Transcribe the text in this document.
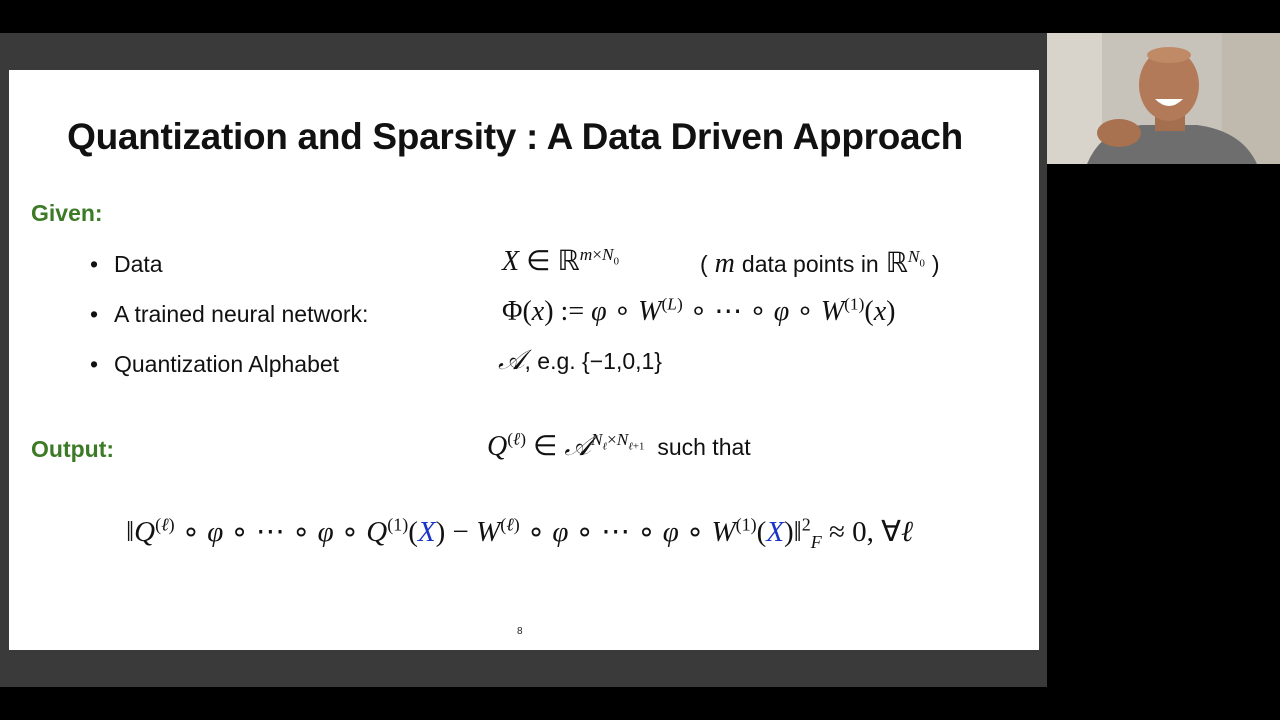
Quantization and Sparsity : A Data Driven Approach
Given:
• Data	X ∈ ℝ$^{m\times N_0}$	( m data points in ℝ$^{N_0}$ )
• A trained neural network:	Φ(x) := φ ∘ $W^{(L)}$ ∘ ⋯ ∘ φ ∘ $W^{(1)}(x)$
• Quantization Alphabet	𝒜, e.g. {−1,0,1}
Output:	$Q^{(\ell)}$ ∈ 𝒜$^{N_\ell\times N_{\ell+1}}$ such that
$‖Q^{(\ell)}$ ∘ φ ∘ ⋯ ∘ φ ∘ $Q^{(1)}(X) - W^{(\ell)}$ ∘ φ ∘ ⋯ ∘ φ ∘ $W^{(1)}(X)‖^2_F \approx 0$, ∀ℓ
8
